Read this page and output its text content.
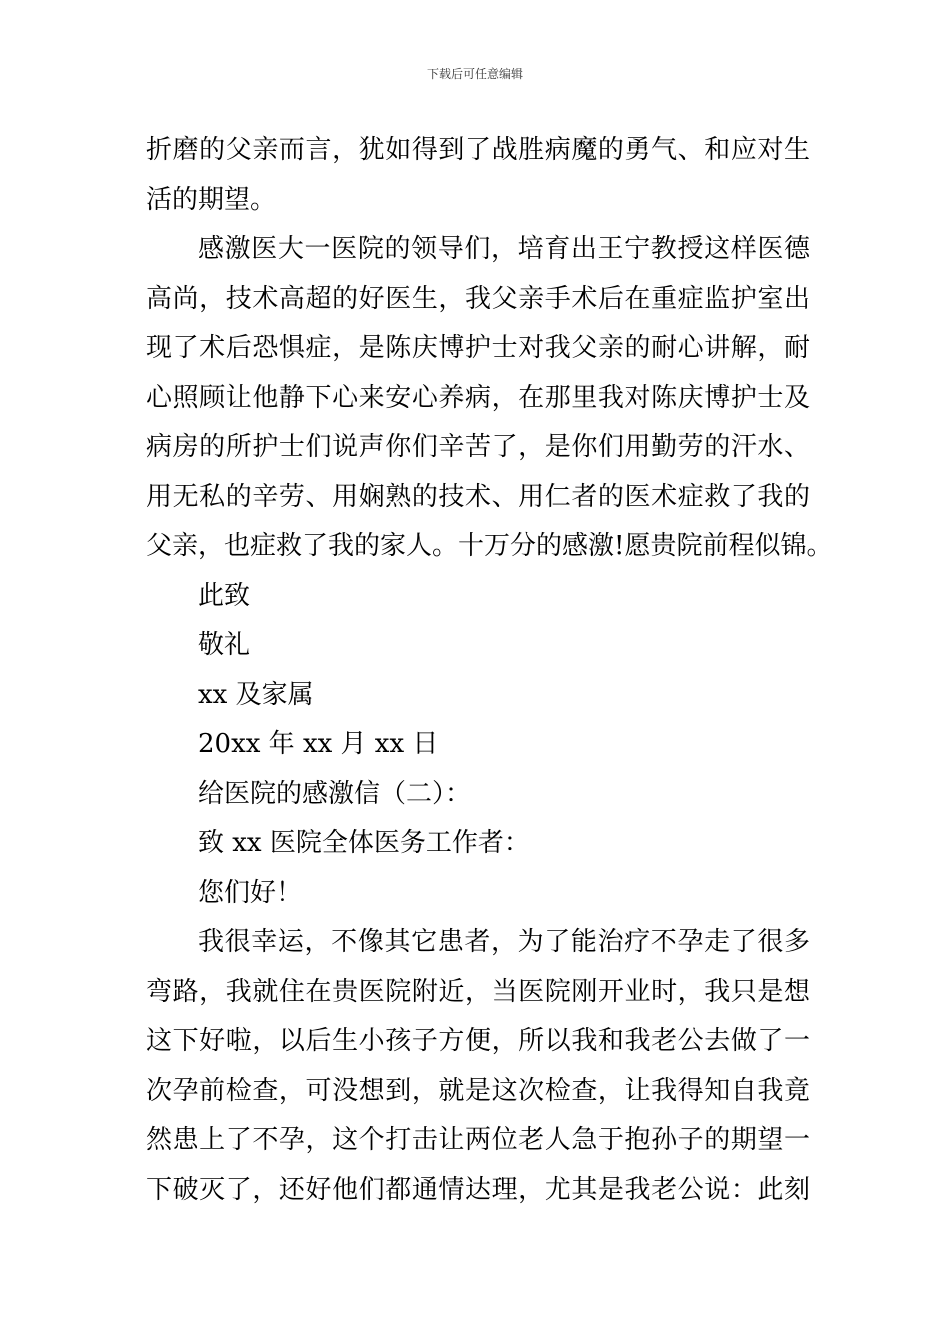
下载后可任意编辑
折磨的父亲而言，犹如得到了战胜病魔的勇气、和应对生
活的期望。
感激医大一医院的领导们，培育出王宁教授这样医德
高尚，技术高超的好医生，我父亲手术后在重症监护室出
现了术后恐惧症，是陈庆博护士对我父亲的耐心讲解，耐
心照顾让他静下心来安心养病，在那里我对陈庆博护士及
病房的所护士们说声你们辛苦了，是你们用勤劳的汗水、
用无私的辛劳、用娴熟的技术、用仁者的医术症救了我的
父亲，也症救了我的家人。十万分的感激!愿贵院前程似锦。
此致
敬礼
xx 及家属
20xx 年 xx 月 xx 日
给医院的感激信（二）：
致 xx 医院全体医务工作者：
您们好！
我很幸运，不像其它患者，为了能治疗不孕走了很多
弯路，我就住在贵医院附近，当医院刚开业时，我只是想
这下好啦，以后生小孩子方便，所以我和我老公去做了一
次孕前检查，可没想到，就是这次检查，让我得知自我竟
然患上了不孕，这个打击让两位老人急于抱孙子的期望一
下破灭了，还好他们都通情达理，尤其是我老公说：此刻
